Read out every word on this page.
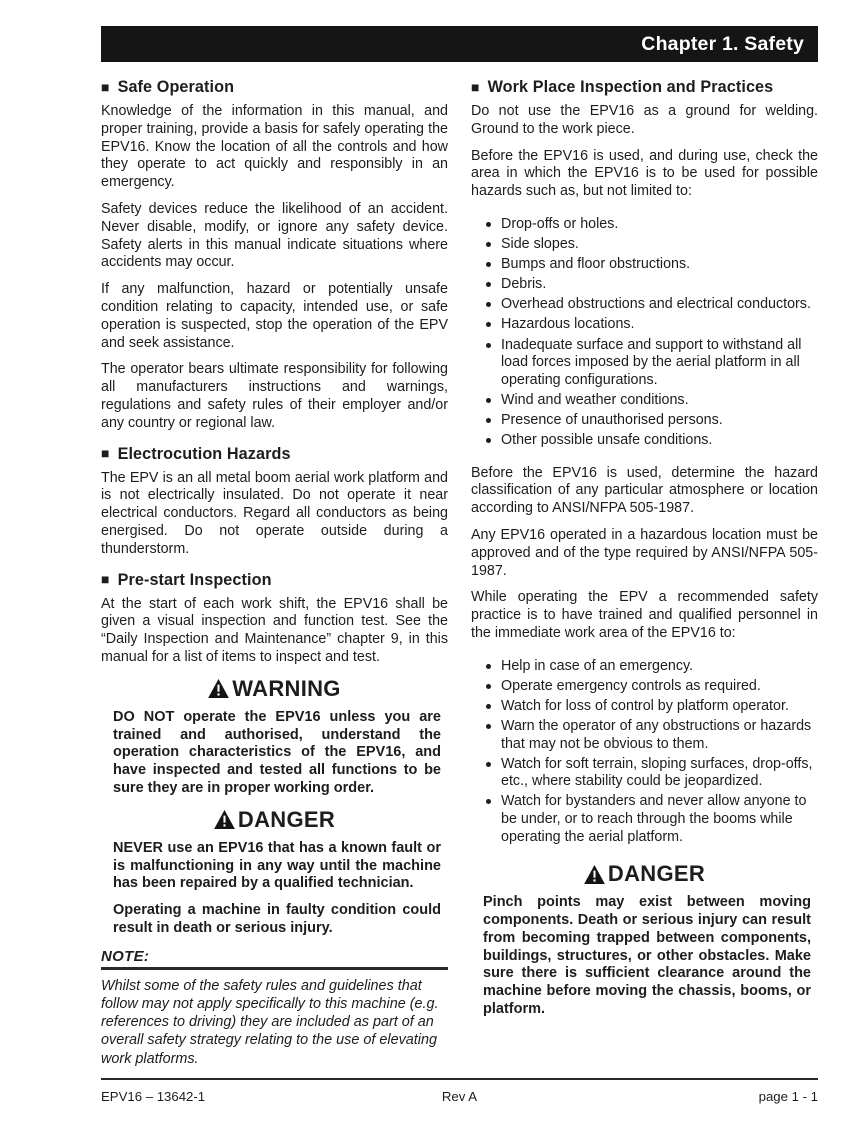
Chapter 1. Safety
■ Safe Operation

Knowledge of the information in this manual, and proper training, provide a basis for safely operating the EPV16. Know the location of all the controls and how they operate to act quickly and responsibly in an emergency.

Safety devices reduce the likelihood of an accident. Never disable, modify, or ignore any safety device. Safety alerts in this manual indicate situations where accidents may occur.

If any malfunction, hazard or potentially unsafe condition relating to capacity, intended use, or safe operation is suspected, stop the operation of the EPV and seek assistance.

The operator bears ultimate responsibility for following all manufacturers instructions and warnings, regulations and safety rules of their employer and/or any country or regional law.

■ Electrocution Hazards

The EPV is an all metal boom aerial work platform and is not electrically insulated. Do not operate it near electrical conductors. Regard all conductors as being energised. Do not operate outside during a thunderstorm.

■ Pre-start Inspection

At the start of each work shift, the EPV16 shall be given a visual inspection and function test. See the “Daily Inspection and Maintenance” chapter 9, in this manual for a list of items to inspect and test.

WARNING

DO NOT operate the EPV16 unless you are trained and authorised, understand the operation characteristics of the EPV16, and have inspected and tested all functions to be sure they are in proper working order.

DANGER

NEVER use an EPV16 that has a known fault or is malfunctioning in any way until the machine has been repaired by a qualified technician.

Operating a machine in faulty condition could result in death or serious injury.

NOTE:

Whilst some of the safety rules and guidelines that follow may not apply specifically to this machine (e.g. references to driving) they are included as part of an overall safety strategy relating to the use of elevating work platforms.

■ Work Place Inspection and Practices

Do not use the EPV16 as a ground for welding. Ground to the work piece.

Before the EPV16 is used, and during use, check the area in which the EPV16 is to be used for possible hazards such as, but not limited to:

Drop-offs or holes.
Side slopes.
Bumps and floor obstructions.
Debris.
Overhead obstructions and electrical conductors.
Hazardous locations.
Inadequate surface and support to withstand all load forces imposed by the aerial platform in all operating configurations.
Wind and weather conditions.
Presence of unauthorised persons.
Other possible unsafe conditions.

Before the EPV16 is used, determine the hazard classification of any particular atmosphere or location according to ANSI/NFPA 505-1987.

Any EPV16 operated in a hazardous location must be approved and of the type required by ANSI/NFPA 505-1987.

While operating the EPV a recommended safety practice is to have trained and qualified personnel in the immediate work area of the EPV16 to:

Help in case of an emergency.
Operate emergency controls as required.
Watch for loss of control by platform operator.
Warn the operator of any obstructions or hazards that may not be obvious to them.
Watch for soft terrain, sloping surfaces, drop-offs, etc., where stability could be jeopardized.
Watch for bystanders and never allow anyone to be under, or to reach through the booms while operating the aerial platform.
DANGER

Pinch points may exist between moving components. Death or serious injury can result from becoming trapped between components, buildings, structures, or other obstacles. Make sure there is sufficient clearance around the machine before moving the chassis, booms, or platform.

EPV16 – 13642-1	Rev A	page 1 - 1
